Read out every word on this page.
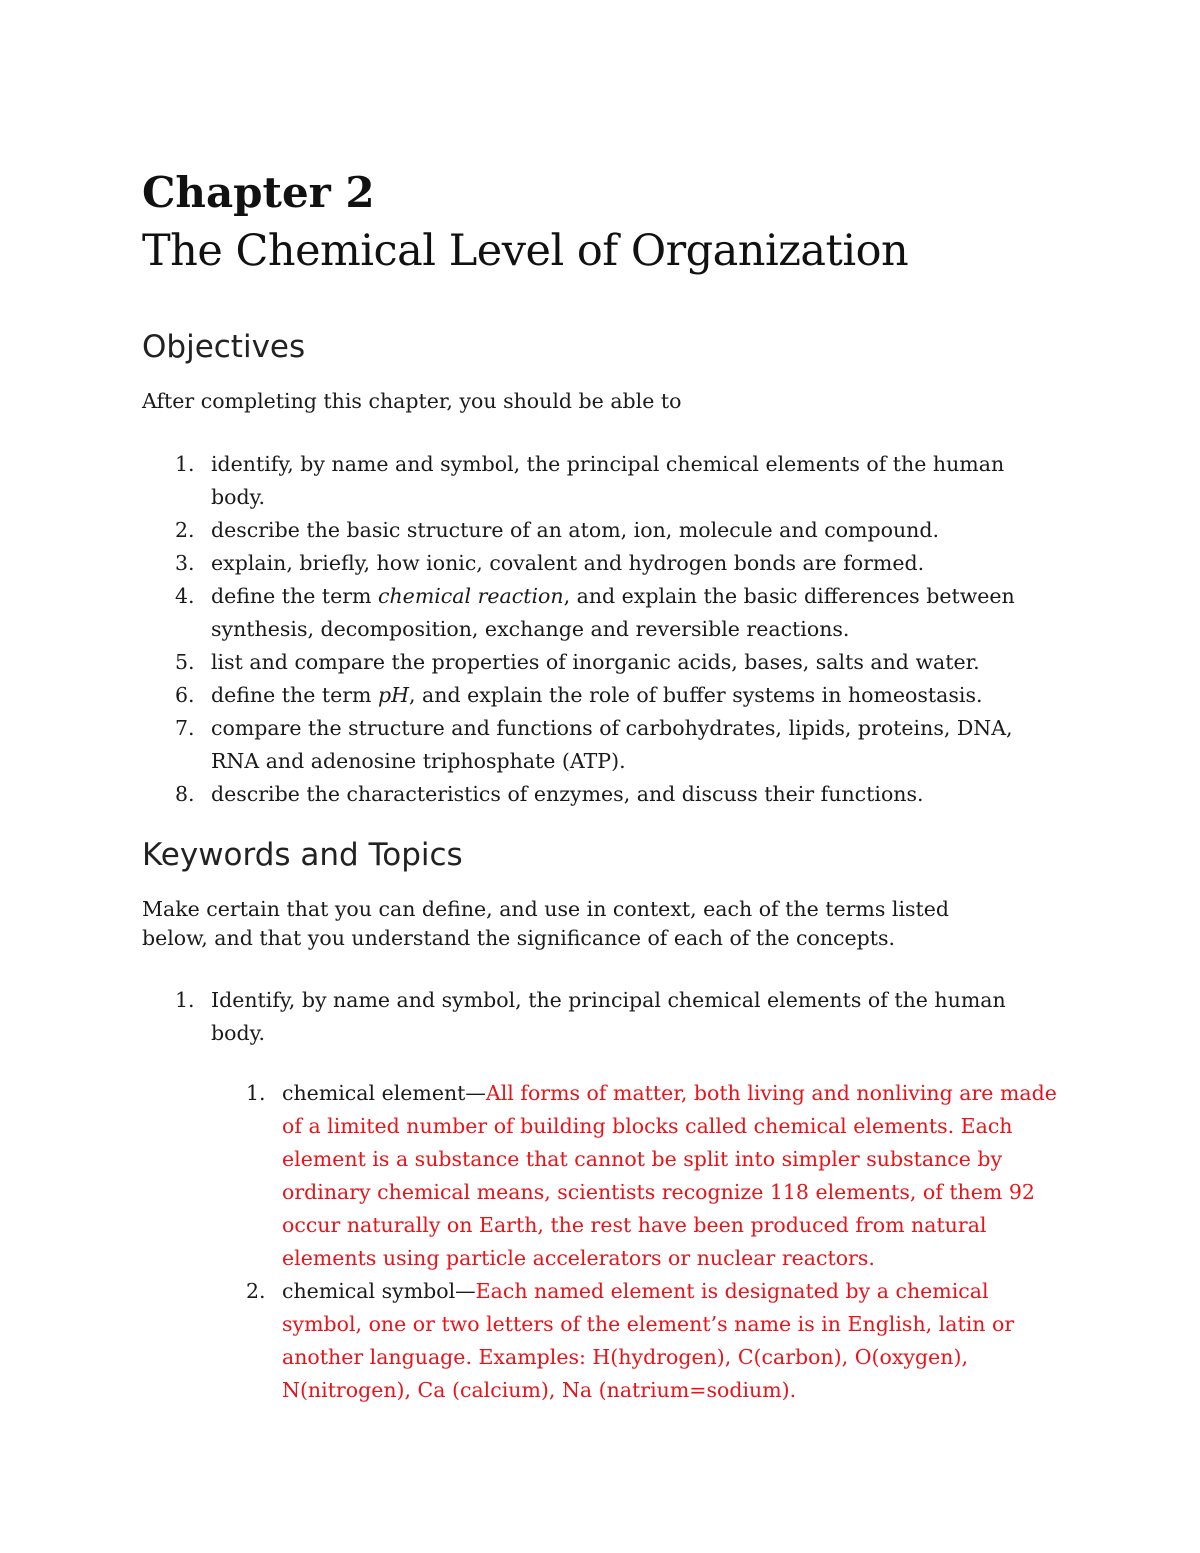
Chapter 2
The Chemical Level of Organization
Objectives
After completing this chapter, you should be able to
1. identify, by name and symbol, the principal chemical elements of the human body.
2. describe the basic structure of an atom, ion, molecule and compound.
3. explain, briefly, how ionic, covalent and hydrogen bonds are formed.
4. define the term chemical reaction, and explain the basic differences between synthesis, decomposition, exchange and reversible reactions.
5. list and compare the properties of inorganic acids, bases, salts and water.
6. define the term pH, and explain the role of buffer systems in homeostasis.
7. compare the structure and functions of carbohydrates, lipids, proteins, DNA, RNA and adenosine triphosphate (ATP).
8. describe the characteristics of enzymes, and discuss their functions.
Keywords and Topics
Make certain that you can define, and use in context, each of the terms listed below, and that you understand the significance of each of the concepts.
1. Identify, by name and symbol, the principal chemical elements of the human body.
1. chemical element—All forms of matter, both living and nonliving are made of a limited number of building blocks called chemical elements. Each element is a substance that cannot be split into simpler substance by ordinary chemical means, scientists recognize 118 elements, of them 92 occur naturally on Earth, the rest have been produced from natural elements using particle accelerators or nuclear reactors.
2. chemical symbol—Each named element is designated by a chemical symbol, one or two letters of the element’s name is in English, latin or another language. Examples: H(hydrogen), C(carbon), O(oxygen), N(nitrogen), Ca (calcium), Na (natrium=sodium).
